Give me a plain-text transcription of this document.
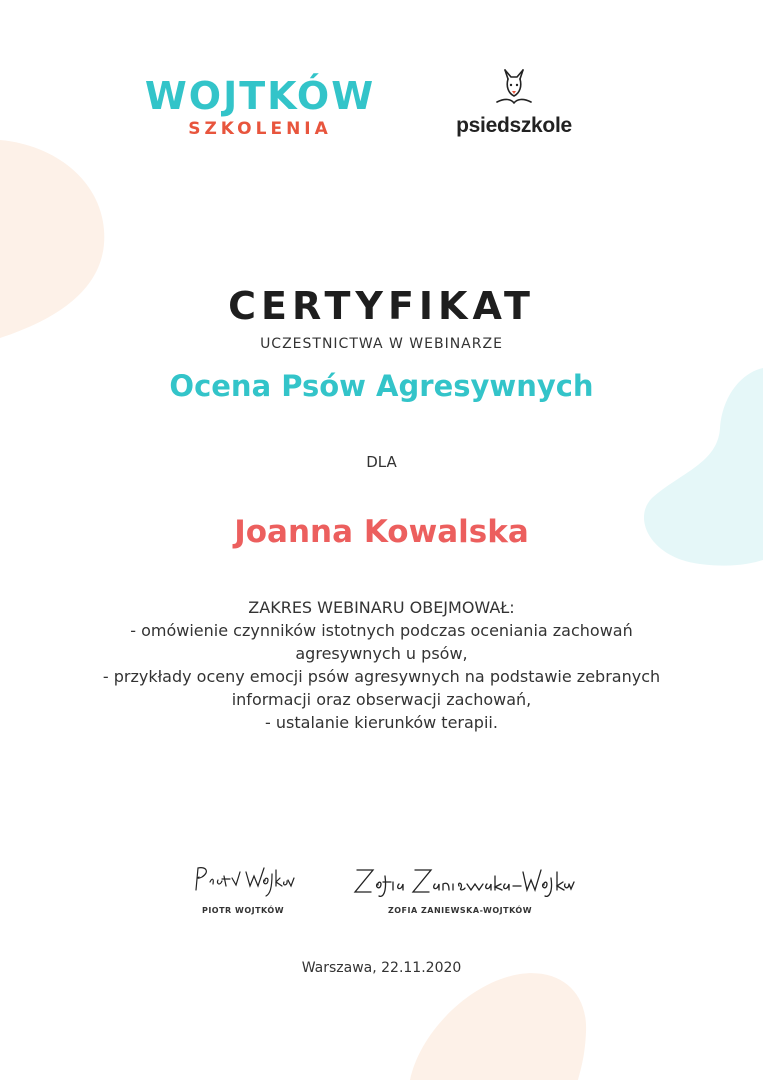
WOJTKÓW
SZKOLENIA	psiedszkole
CERTYFIKAT
UCZESTNICTWA W WEBINARZE
Ocena Psów Agresywnych
DLA
Joanna Kowalska
ZAKRES WEBINARU OBEJMOWAŁ:
- omówienie czynników istotnych podczas oceniania zachowań
agresywnych u psów,
- przykłady oceny emocji psów agresywnych na podstawie zebranych
informacji oraz obserwacji zachowań,
- ustalanie kierunków terapii.
PIOTR WOJTKÓW	ZOFIA ZANIEWSKA-WOJTKÓW
Warszawa, 22.11.2020
